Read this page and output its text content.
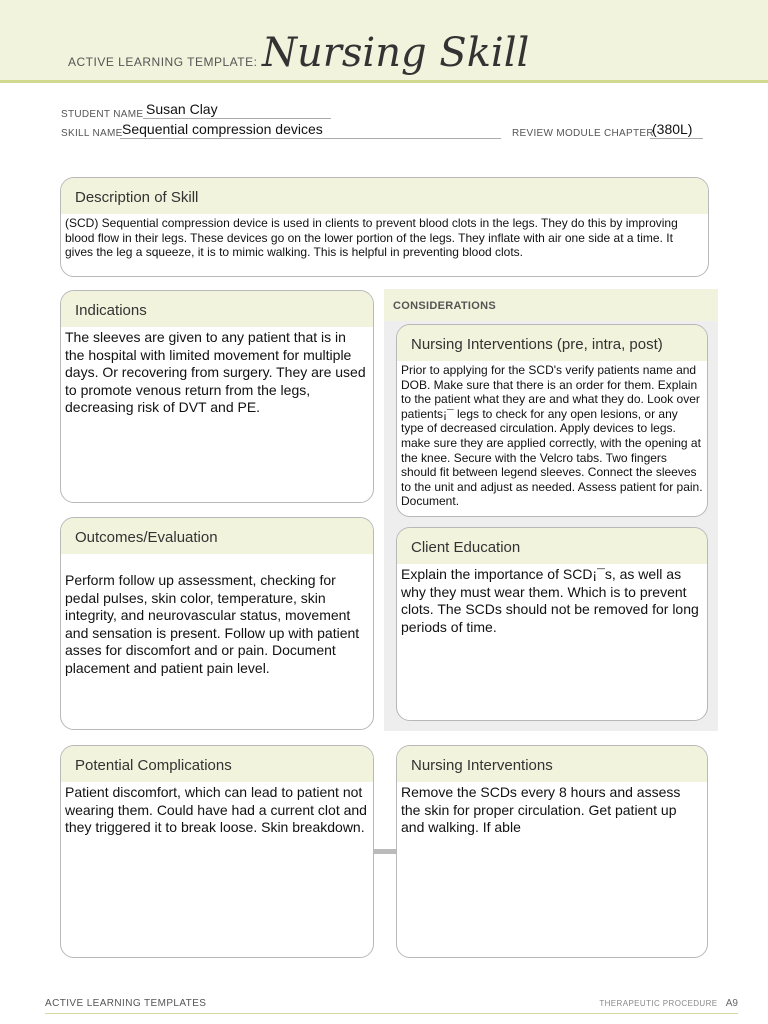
ACTIVE LEARNING TEMPLATE: Nursing Skill
STUDENT NAME Susan Clay
SKILL NAME Sequential compression devices	REVIEW MODULE CHAPTER
(380L)
Description of Skill
(SCD) Sequential compression device is used in clients to prevent blood clots in the legs. They do this by improving blood flow in their legs. These devices go on the lower portion of the legs. They inflate with air one side at a time. It gives the leg a squeeze, it is to mimic walking. This is helpful in preventing blood clots.
Indications
The sleeves are given to any patient that is in the hospital with limited movement for multiple days. Or recovering from surgery. They are used to promote venous return from the legs, decreasing risk of DVT and PE.
CONSIDERATIONS
Nursing Interventions (pre, intra, post)
Prior to applying for the SCD's verify patients name and DOB. Make sure that there is an order for them. Explain to the patient what they are and what they do. Look over patients¡¯ legs to check for any open lesions, or any type of decreased circulation. Apply devices to legs. make sure they are applied correctly, with the opening at the knee. Secure with the Velcro tabs. Two fingers should fit between legend sleeves. Connect the sleeves to the unit and adjust as needed. Assess patient for pain. Document.
Outcomes/Evaluation
Perform follow up assessment, checking for pedal pulses, skin color, temperature, skin integrity, and neurovascular status, movement and sensation is present. Follow up with patient asses for discomfort and or pain. Document placement and patient pain level.
Client Education
Explain the importance of SCD¡¯s, as well as why they must wear them. Which is to prevent clots. The SCDs should not be removed for long periods of time.
Potential Complications
Patient discomfort, which can lead to patient not wearing them. Could have had a current clot and they triggered it to break loose. Skin breakdown.
Nursing Interventions
Remove the SCDs every 8 hours and assess the skin for proper circulation. Get patient up and walking. If able
ACTIVE LEARNING TEMPLATES	THERAPEUTIC PROCEDURE A9
